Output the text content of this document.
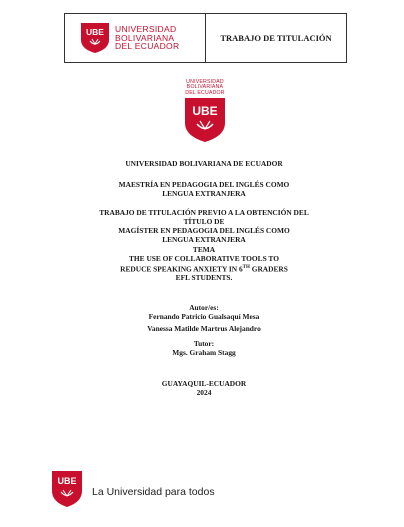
UBE UNIVERSIDAD
BOLIVARIANA
DEL ECUADOR
TRABAJO DE TITULACIÓN
UNIVERSIDAD
BOLIVARIANA
DEL ECUADOR
UBE
UNIVERSIDAD BOLIVARIANA DE ECUADOR
MAESTRÍA EN PEDAGOGIA DEL INGLÉS COMO
LENGUA EXTRANJERA
TRABAJO DE TITULACIÓN PREVIO A LA OBTENCIÓN DEL TÍTULO DE
MAGÍSTER EN PEDAGOGIA DEL INGLÉS COMO
LENGUA EXTRANJERA
TEMA
THE USE OF COLLABORATIVE TOOLS TO
REDUCE SPEAKING ANXIETY IN 6TH GRADERS
EFL STUDENTS.
Autor/es:
Fernando Patricio Gualsaquí Mesa
Vanessa Matilde Martrus Alejandro
Tutor:
Mgs. Graham Stagg
GUAYAQUIL-ECUADOR
2024
UBE
La Universidad para todos
